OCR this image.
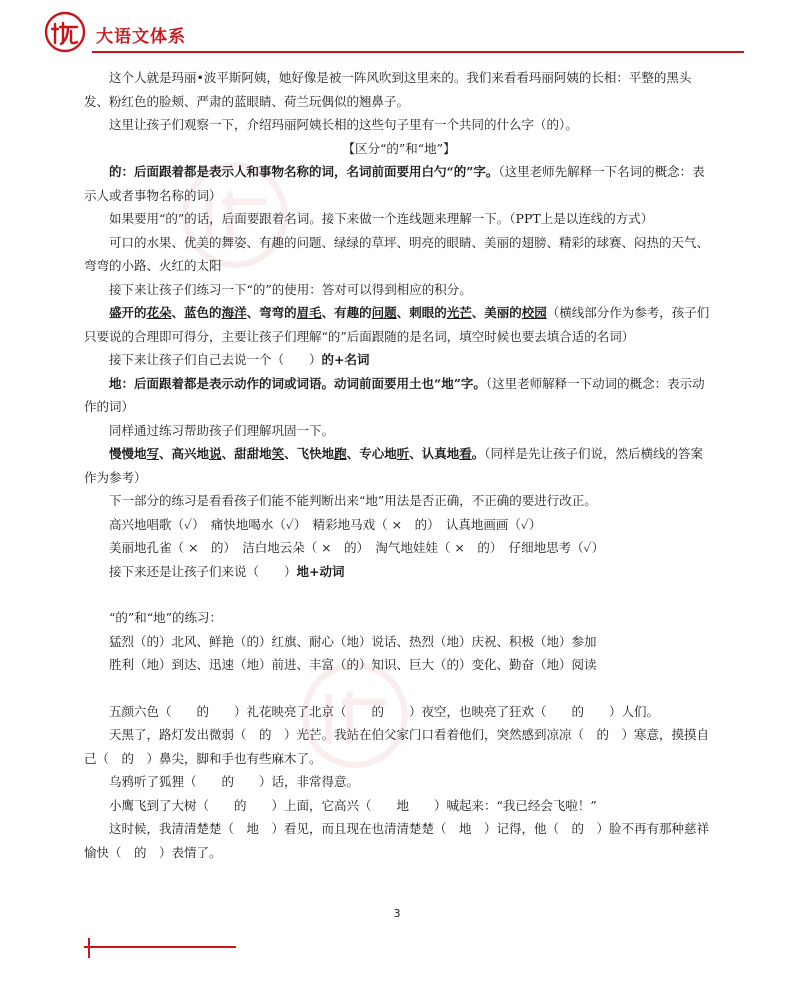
大语文体系

这个人就是玛丽•波平斯阿姨，她好像是被一阵风吹到这里来的。我们来看看玛丽阿姨的长相：平整的黑头发、粉红色的脸颊、严肃的蓝眼睛、荷兰玩偶似的翘鼻子。

这里让孩子们观察一下，介绍玛丽阿姨长相的这些句子里有一个共同的什么字（的）。

【区分“的”和“地”】

的：后面跟着都是表示人和事物名称的词，名词前面要用白勺“的”字。（这里老师先解释一下名词的概念：表示人或者事物名称的词）

如果要用“的”的话，后面要跟着名词。接下来做一个连线题来理解一下。（PPT上是以连线的方式）

可口的水果、优美的舞姿、有趣的问题、绿绿的草坪、明亮的眼睛、美丽的翅膀、精彩的球赛、闷热的天气、弯弯的小路、火红的太阳

接下来让孩子们练习一下“的”的使用：答对可以得到相应的积分。

盛开的花朵、蓝色的海洋、弯弯的眉毛、有趣的问题、刺眼的光芒、美丽的校园（横线部分作为参考，孩子们只要说的合理即可得分，主要让孩子们理解“的”后面跟随的是名词，填空时候也要去填合适的名词）

接下来让孩子们自己去说一个（　　）的+名词

地：后面跟着都是表示动作的词或词语。动词前面要用土也“地”字。（这里老师解释一下动词的概念：表示动作的词）

同样通过练习帮助孩子们理解巩固一下。

慢慢地写、高兴地说、甜甜地笑、飞快地跑、专心地听、认真地看。（同样是先让孩子们说，然后横线的答案作为参考）

下一部分的练习是看看孩子们能不能判断出来“地”用法是否正确，不正确的要进行改正。

高兴地唱歌（✓）　痛快地喝水（✓）　精彩地马戏（ ×　的）　认真地画画（✓）

美丽地孔雀（ ×　的）　洁白地云朵（ ×　的）　淘气地娃娃（ ×　的）　仔细地思考（✓）

接下来还是让孩子们来说（　　）地+动词

“的”和“地”的练习：

猛烈（的）北风、鲜艳（的）红旗、耐心（地）说话、热烈（地）庆祝、积极（地）参加

胜利（地）到达、迅速（地）前进、丰富（的）知识、巨大（的）变化、勤奋（地）阅读

五颜六色（　　的　　）礼花映亮了北京（　　的　　）夜空，也映亮了狂欢（　　的　　）人们。

天黑了，路灯发出微弱（　的　）光芒。我站在伯父家门口看着他们，突然感到凉凉（　的　）寒意，摸摸自己（　的　）鼻尖，脚和手也有些麻木了。

乌鸦听了狐狸（　　的　　）话，非常得意。

小鹰飞到了大树（　　的　　）上面，它高兴（　　地　　）喊起来：“我已经会飞啦！”

这时候，我清清楚楚（　地　）看见，而且现在也清清楚楚（　地　）记得，他（　的　）脸不再有那种慈祥愉快（　的　）表情了。

3
